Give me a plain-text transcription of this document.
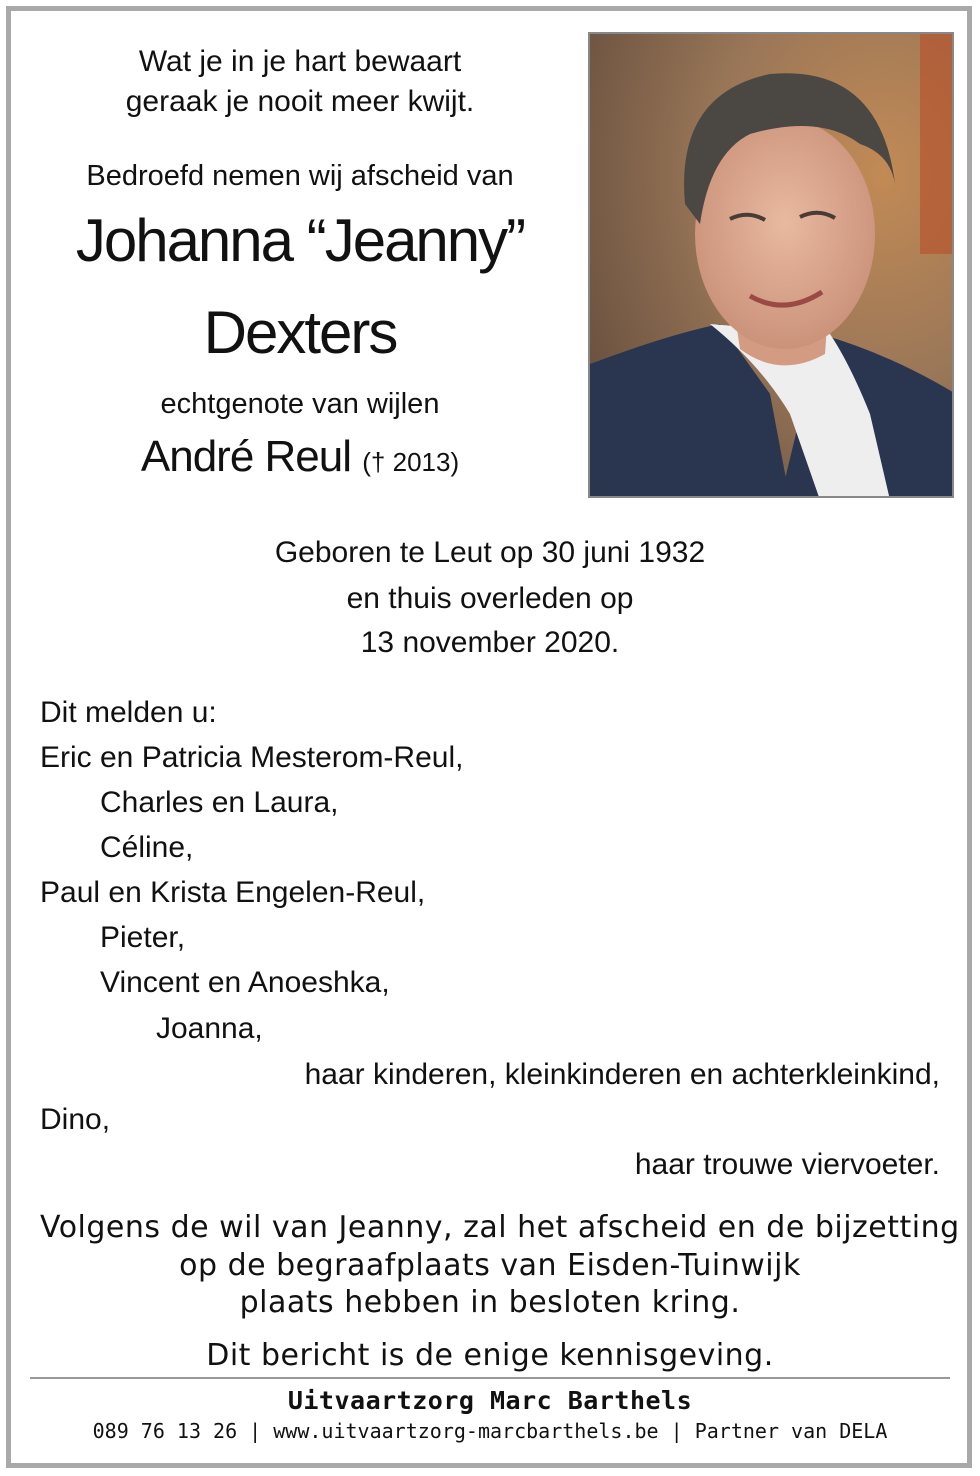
Wat je in je hart bewaart
geraak je nooit meer kwijt.
Bedroefd nemen wij afscheid van
Johanna “Jeanny”
Dexters
echtgenote van wijlen
André Reul († 2013)
Geboren te Leut op 30 juni 1932
en thuis overleden op
13 november 2020.
Dit melden u:
Eric en Patricia Mesterom-Reul,
Charles en Laura,
Céline,
Paul en Krista Engelen-Reul,
Pieter,
Vincent en Anoeshka,
Joanna,
haar kinderen, kleinkinderen en achterkleinkind,
Dino,
haar trouwe viervoeter.
Volgens de wil van Jeanny, zal het afscheid en de bijzetting
op de begraafplaats van Eisden-Tuinwijk
plaats hebben in besloten kring.
Dit bericht is de enige kennisgeving.
Uitvaartzorg Marc Barthels
089 76 13 26 | www.uitvaartzorg-marcbarthels.be | Partner van DELA
